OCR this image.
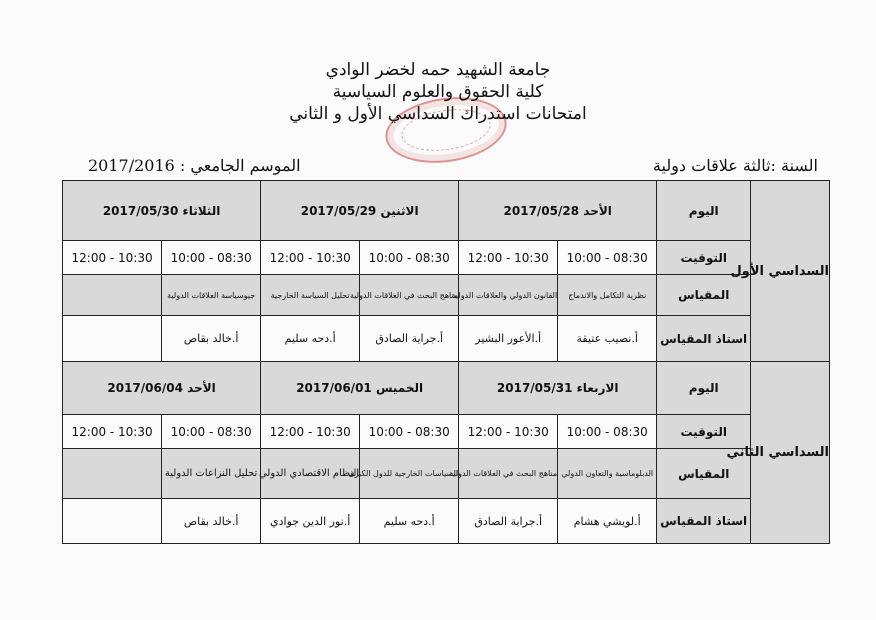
جامعة الشهيد حمه لخضر الوادي
كلية الحقوق والعلوم السياسية
امتحانات استدراك السداسي الأول و الثاني
السنة :ثالثة علاقات دولية
الموسم الجامعي : 2017/2016
السداسي الأول	اليوم	الأحد 2017/05/28		الاثنين 2017/05/29		الثلاثاء 2017/05/30	
	التوقيت	10:00 - 08:30	12:00 - 10:30	10:00 - 08:30	12:00 - 10:30	10:00 - 08:30	12:00 - 10:30
	المقياس	نظرية التكامل والاندماج	القانون الدولي والعلاقات الدولية	مناهج البحث في العلاقات الدولية	تحليل السياسة الخارجية	جيوسياسة العلاقات الدولية	
	استاذ المقياس	أ.نصيب عتيقة	أ.الأعور البشير	أ.جراية الصادق	أ.دحه سليم	أ.خالد بقاص	
السداسي الثاني	اليوم	الاربعاء 2017/05/31		الخميس 2017/06/01		الأحد 2017/06/04	
	التوقيت	10:00 - 08:30	12:00 - 10:30	10:00 - 08:30	12:00 - 10:30	10:00 - 08:30	12:00 - 10:30
	المقياس	الدبلوماسية والتعاون الدولي	مناهج البحث في العلاقات الدولية	السياسات الخارجية للدول الكبرى	النظام الاقتصادي الدولي	تحليل النزاعات الدولية	
	استاذ المقياس	أ.لويشي هشام	أ.جراية الصادق	أ.دحه سليم	أ.نور الدين جوادي	أ.خالد بقاص	
